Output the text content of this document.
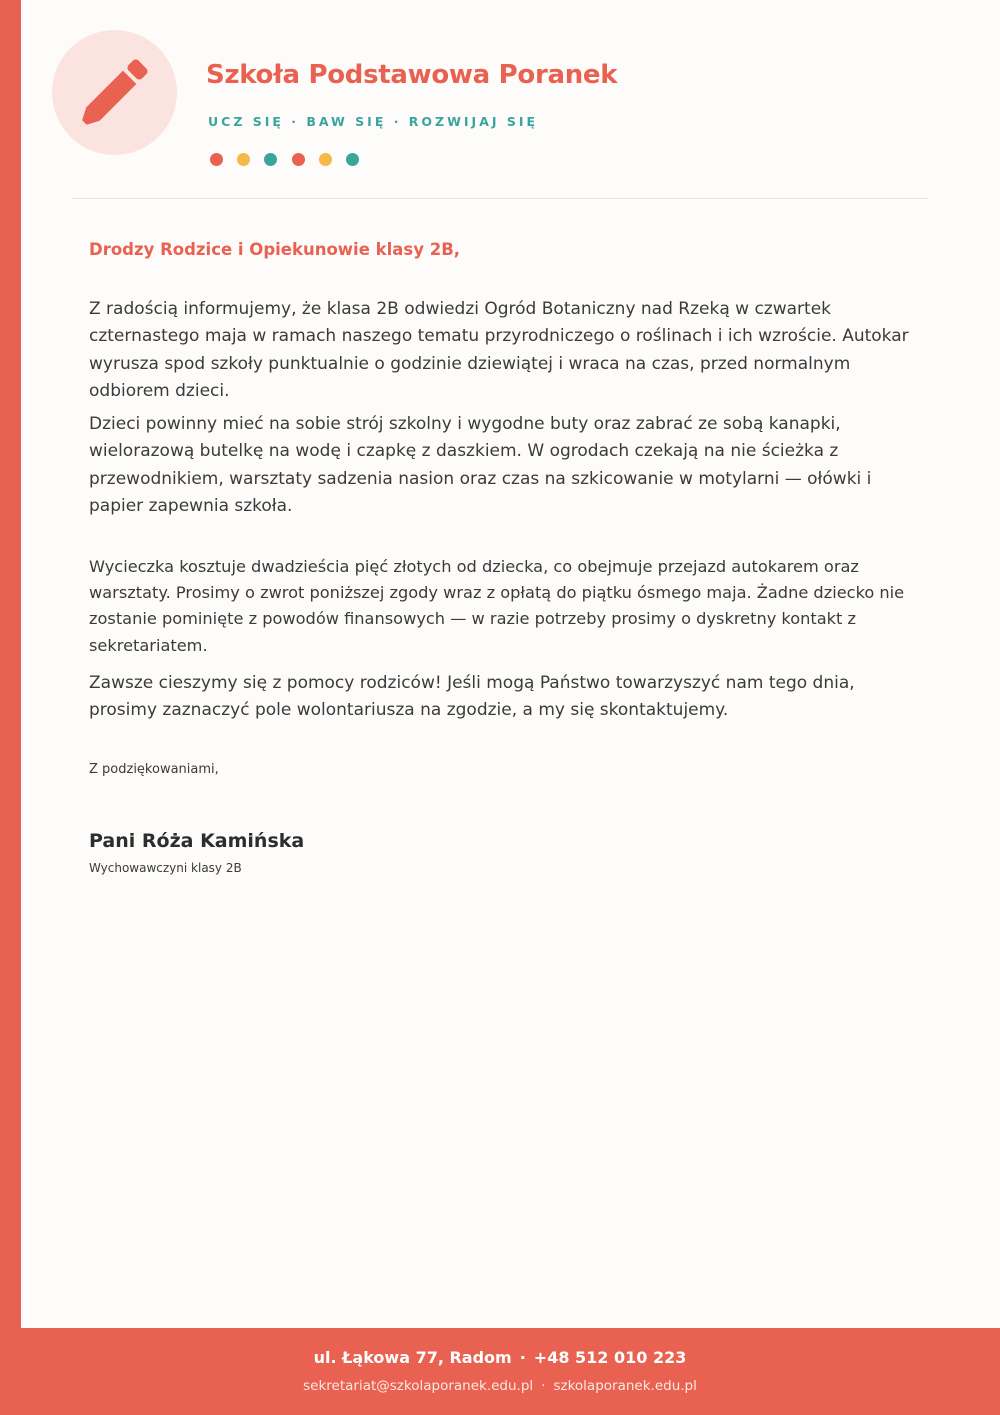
Szkoła Podstawowa Poranek
UCZ SIĘ · BAW SIĘ · ROZWIJAJ SIĘ

Drodzy Rodzice i Opiekunowie klasy 2B,

Z radością informujemy, że klasa 2B odwiedzi Ogród Botaniczny nad Rzeką w czwartek czternastego maja w ramach naszego tematu przyrodniczego o roślinach i ich wzroście. Autokar wyrusza spod szkoły punktualnie o godzinie dziewiątej i wraca na czas, przed normalnym odbiorem dzieci.

Dzieci powinny mieć na sobie strój szkolny i wygodne buty oraz zabrać ze sobą kanapki, wielorazową butelkę na wodę i czapkę z daszkiem. W ogrodach czekają na nie ścieżka z przewodnikiem, warsztaty sadzenia nasion oraz czas na szkicowanie w motylarni — ołówki i papier zapewnia szkoła.

Wycieczka kosztuje dwadzieścia pięć złotych od dziecka, co obejmuje przejazd autokarem oraz warsztaty. Prosimy o zwrot poniższej zgody wraz z opłatą do piątku ósmego maja. Żadne dziecko nie zostanie pominięte z powodów finansowych — w razie potrzeby prosimy o dyskretny kontakt z sekretariatem.

Zawsze cieszymy się z pomocy rodziców! Jeśli mogą Państwo towarzyszyć nam tego dnia, prosimy zaznaczyć pole wolontariusza na zgodzie, a my się skontaktujemy.

Z podziękowaniami,
Pani Róża Kamińska
Wychowawczyni klasy 2B
ul. Łąkowa 77, Radom · +48 512 010 223
sekretariat@szkolaporanek.edu.pl · szkolaporanek.edu.pl
